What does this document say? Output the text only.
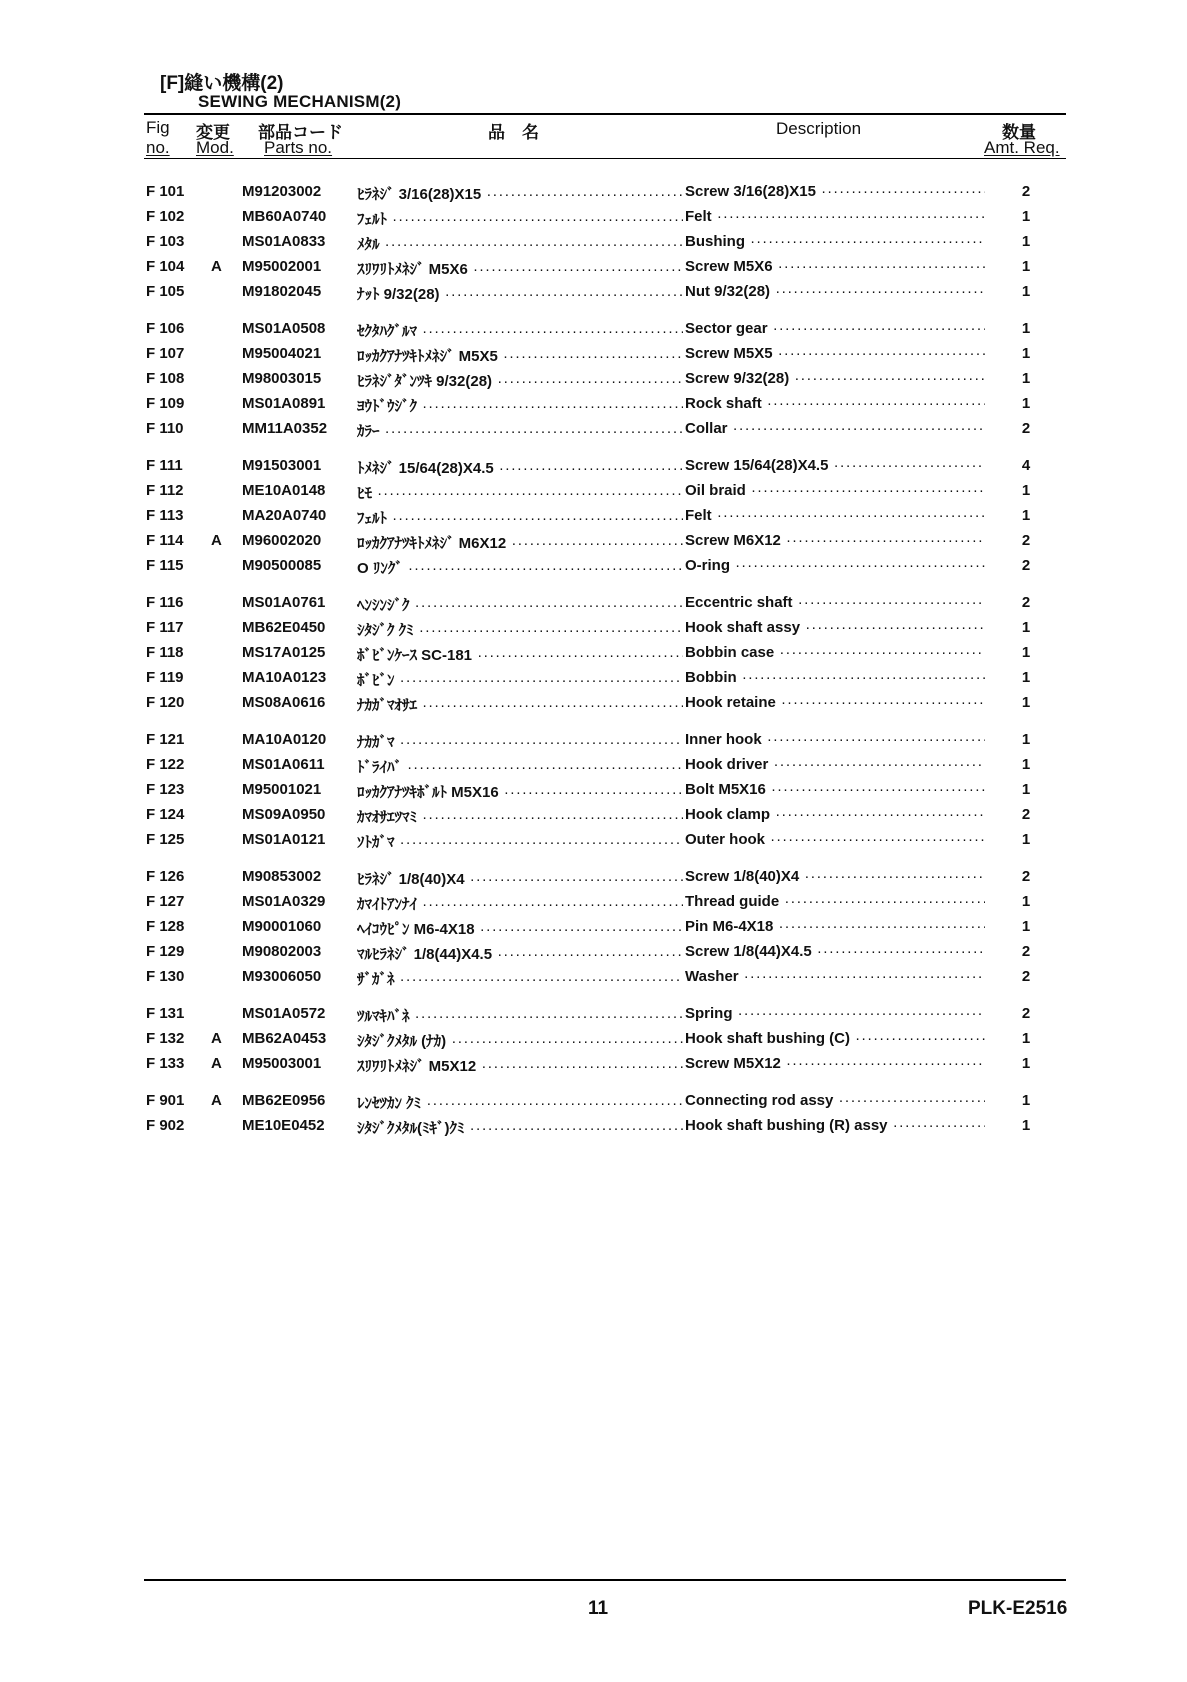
[F]縫い機構(2)
SEWING MECHANISM(2)
Fig
no.
変更
Mod.
部品コード
Parts no.
品　名	Description	数量
Amt. Req.
F 101	M91203002 ﾋﾗﾈｼﾞ 3/16(28)X15 ·····	Screw 3/16(28)X15 ·····	2
F 102	MB60A0740 ﾌｪﾙﾄ ·····	Felt ·····	1
F 103	MS01A0833 ﾒﾀﾙ ·····	Bushing ·····	1
F 104 A M95002001 ｽﾘﾜﾘﾄﾒﾈｼﾞ M5X6 ·····	Screw M5X6 ·····	1
F 105	M91802045 ﾅｯﾄ 9/32(28) ·····	Nut 9/32(28) ·····	1
F 106	MS01A0508 ｾｸﾀﾊｸﾞﾙﾏ ·····	Sector gear ·····	1
F 107	M95004021 ﾛｯｶｸｱﾅﾂｷﾄﾒﾈｼﾞ M5X5 ·····	Screw M5X5 ·····	1
F 108	M98003015 ﾋﾗﾈｼﾞﾀﾞﾝﾂｷ 9/32(28) ·····	Screw 9/32(28) ·····	1
F 109	MS01A0891 ﾖｳﾄﾞｳｼﾞｸ ·····	Rock shaft ·····	1
F 110	MM11A0352 ｶﾗｰ ·····	Collar ·····	2
F 111	M91503001 ﾄﾒﾈｼﾞ 15/64(28)X4.5 ·····	Screw 15/64(28)X4.5 ·····	4
F 112	ME10A0148 ﾋﾓ ·····	Oil braid ·····	1
F 113	MA20A0740 ﾌｪﾙﾄ ·····	Felt ·····	1
F 114 A M96002020 ﾛｯｶｸｱﾅﾂｷﾄﾒﾈｼﾞ M6X12 ·····	Screw M6X12 ·····	2
F 115	M90500085 O ﾘﾝｸﾞ ·····	O-ring ·····	2
F 116	MS01A0761 ﾍﾝｼﾝｼﾞｸ ·····	Eccentric shaft ·····	2
F 117	MB62E0450 ｼﾀｼﾞｸ ｸﾐ ·····	Hook shaft assy ·····	1
F 118	MS17A0125 ﾎﾞﾋﾞﾝｹｰｽ SC-181 ·····	Bobbin case ·····	1
F 119	MA10A0123 ﾎﾞﾋﾞﾝ ·····	Bobbin ·····	1
F 120	MS08A0616 ﾅｶｶﾞﾏｵｻｴ ·····	Hook retaine ·····	1
F 121	MA10A0120 ﾅｶｶﾞﾏ ·····	Inner hook ·····	1
F 122	MS01A0611 ﾄﾞﾗｲﾊﾞ ·····	Hook driver ·····	1
F 123	M95001021 ﾛｯｶｸｱﾅﾂｷﾎﾞﾙﾄ M5X16 ·····	Bolt M5X16 ·····	1
F 124	MS09A0950 ｶﾏｵｻｴﾂﾏﾐ ·····	Hook clamp ·····	2
F 125	MS01A0121 ｿﾄｶﾞﾏ ·····	Outer hook ·····	1
F 126	M90853002 ﾋﾗﾈｼﾞ 1/8(40)X4 ·····	Screw 1/8(40)X4 ·····	2
F 127	MS01A0329 ｶﾏｲﾄｱﾝﾅｲ ·····	Thread guide ·····	1
F 128	M90001060 ﾍｲｺｳﾋﾟﾝ M6-4X18 ·····	Pin M6-4X18 ·····	1
F 129	M90802003 ﾏﾙﾋﾗﾈｼﾞ 1/8(44)X4.5 ·····	Screw 1/8(44)X4.5 ·····	2
F 130	M93006050 ｻﾞｶﾞﾈ ·····	Washer ·····	2
F 131	MS01A0572 ﾂﾙﾏｷﾊﾞﾈ ·····	Spring ·····	2
F 132 A MB62A0453 ｼﾀｼﾞｸﾒﾀﾙ (ﾅｶ) ·····	Hook shaft bushing (C) ·····	1
F 133 A M95003001 ｽﾘﾜﾘﾄﾒﾈｼﾞ M5X12 ·····	Screw M5X12 ·····	1
F 901 A MB62E0956 ﾚﾝｾﾂｶﾝ ｸﾐ ·····	Connecting rod assy ·····	1
F 902	ME10E0452 ｼﾀｼﾞｸﾒﾀﾙ(ﾐｷﾞ)ｸﾐ ·····	Hook shaft bushing (R) assy ·····	1
11	PLK-E2516
